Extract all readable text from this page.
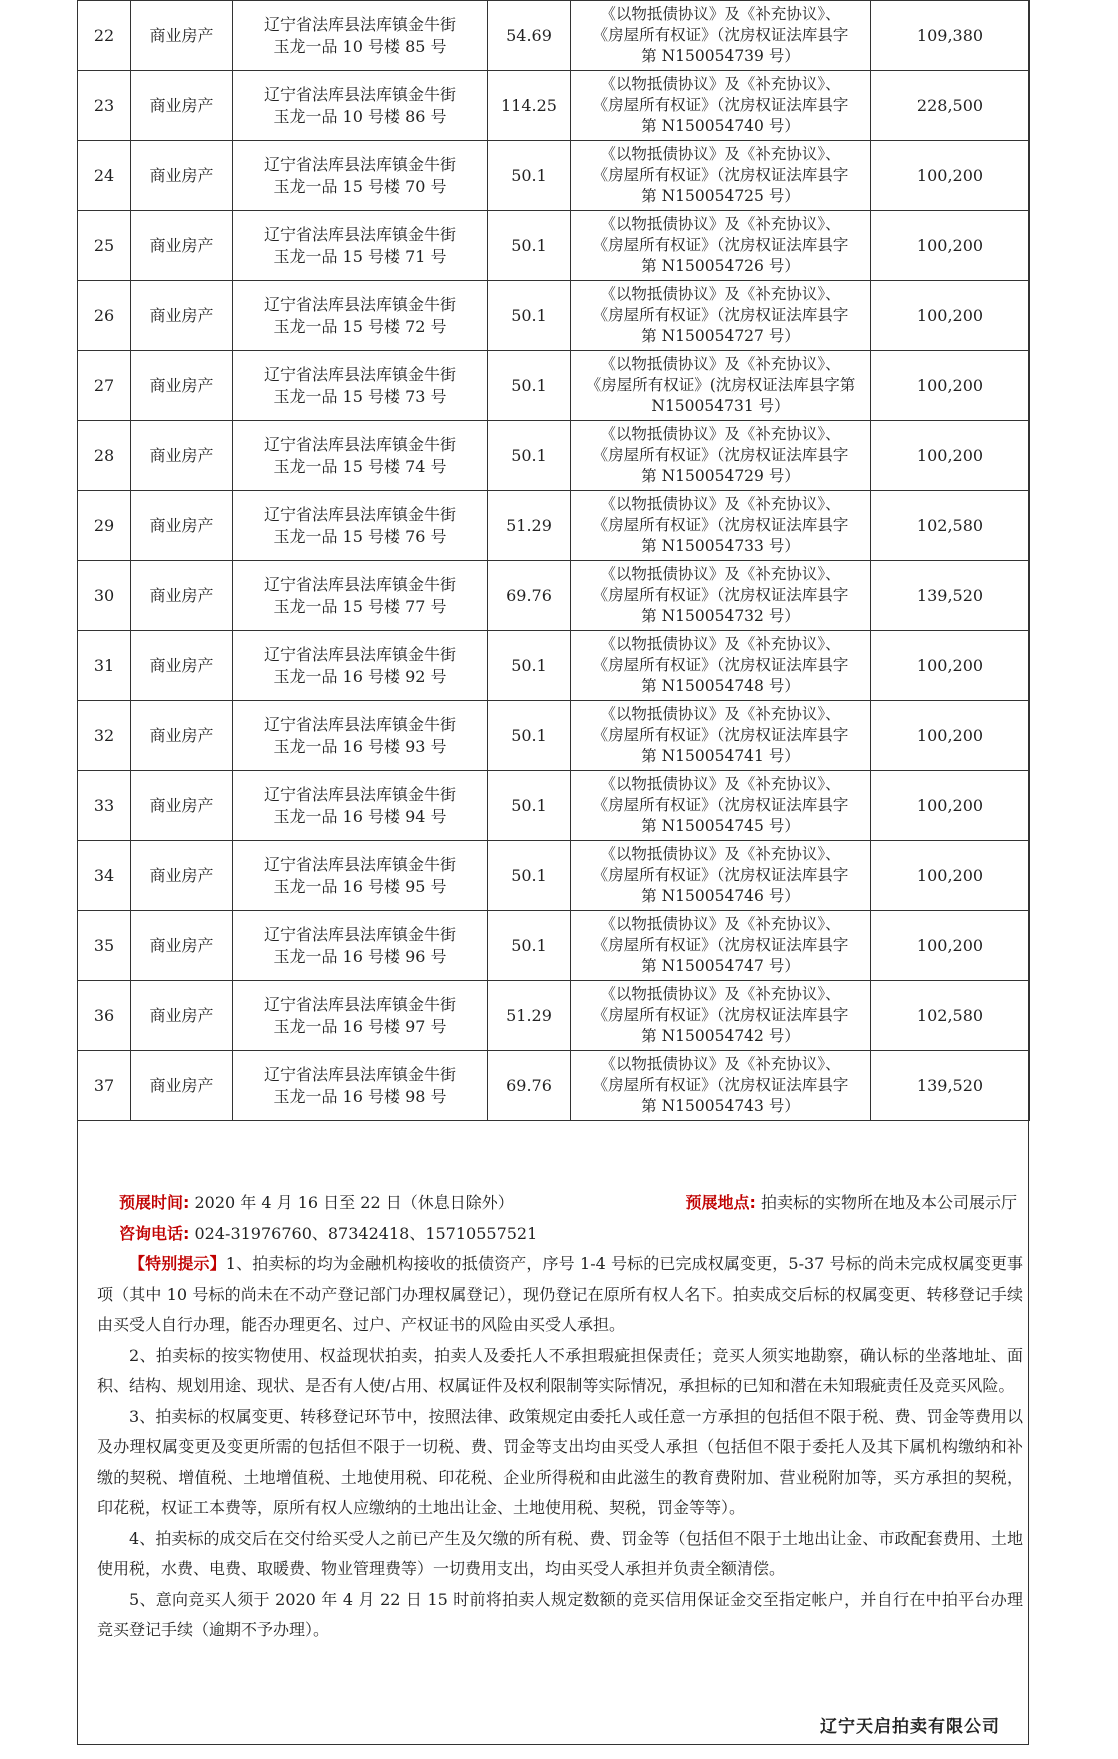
22	商业房产	辽宁省法库县法库镇金牛街
玉龙一品 10 号楼 85 号	54.69	《以物抵债协议》及《补充协议》、
《房屋所有权证》（沈房权证法库县字
第 N150054739 号）	109,380
23	商业房产	辽宁省法库县法库镇金牛街
玉龙一品 10 号楼 86 号	114.25	《以物抵债协议》及《补充协议》、
《房屋所有权证》（沈房权证法库县字
第 N150054740 号）	228,500
24	商业房产	辽宁省法库县法库镇金牛街
玉龙一品 15 号楼 70 号	50.1	《以物抵债协议》及《补充协议》、
《房屋所有权证》（沈房权证法库县字
第 N150054725 号）	100,200
25	商业房产	辽宁省法库县法库镇金牛街
玉龙一品 15 号楼 71 号	50.1	《以物抵债协议》及《补充协议》、
《房屋所有权证》（沈房权证法库县字
第 N150054726 号）	100,200
26	商业房产	辽宁省法库县法库镇金牛街
玉龙一品 15 号楼 72 号	50.1	《以物抵债协议》及《补充协议》、
《房屋所有权证》（沈房权证法库县字
第 N150054727 号）	100,200
27	商业房产	辽宁省法库县法库镇金牛街
玉龙一品 15 号楼 73 号	50.1	《以物抵债协议》及《补充协议》、
《房屋所有权证》(沈房权证法库县字第
N150054731 号）	100,200
28	商业房产	辽宁省法库县法库镇金牛街
玉龙一品 15 号楼 74 号	50.1	《以物抵债协议》及《补充协议》、
《房屋所有权证》（沈房权证法库县字
第 N150054729 号）	100,200
29	商业房产	辽宁省法库县法库镇金牛街
玉龙一品 15 号楼 76 号	51.29	《以物抵债协议》及《补充协议》、
《房屋所有权证》（沈房权证法库县字
第 N150054733 号）	102,580
30	商业房产	辽宁省法库县法库镇金牛街
玉龙一品 15 号楼 77 号	69.76	《以物抵债协议》及《补充协议》、
《房屋所有权证》（沈房权证法库县字
第 N150054732 号）	139,520
31	商业房产	辽宁省法库县法库镇金牛街
玉龙一品 16 号楼 92 号	50.1	《以物抵债协议》及《补充协议》、
《房屋所有权证》（沈房权证法库县字
第 N150054748 号）	100,200
32	商业房产	辽宁省法库县法库镇金牛街
玉龙一品 16 号楼 93 号	50.1	《以物抵债协议》及《补充协议》、
《房屋所有权证》（沈房权证法库县字
第 N150054741 号）	100,200
33	商业房产	辽宁省法库县法库镇金牛街
玉龙一品 16 号楼 94 号	50.1	《以物抵债协议》及《补充协议》、
《房屋所有权证》（沈房权证法库县字
第 N150054745 号）	100,200
34	商业房产	辽宁省法库县法库镇金牛街
玉龙一品 16 号楼 95 号	50.1	《以物抵债协议》及《补充协议》、
《房屋所有权证》（沈房权证法库县字
第 N150054746 号）	100,200
35	商业房产	辽宁省法库县法库镇金牛街
玉龙一品 16 号楼 96 号	50.1	《以物抵债协议》及《补充协议》、
《房屋所有权证》（沈房权证法库县字
第 N150054747 号）	100,200
36	商业房产	辽宁省法库县法库镇金牛街
玉龙一品 16 号楼 97 号	51.29	《以物抵债协议》及《补充协议》、
《房屋所有权证》（沈房权证法库县字
第 N150054742 号）	102,580
37	商业房产	辽宁省法库县法库镇金牛街
玉龙一品 16 号楼 98 号	69.76	《以物抵债协议》及《补充协议》、
《房屋所有权证》（沈房权证法库县字
第 N150054743 号）	139,520
预展时间: 2020 年 4 月 16 日至 22 日（休息日除外）	预展地点: 拍卖标的实物所在地及本公司展示厅
咨询电话: 024-31976760、87342418、15710557521

【特别提示】1、拍卖标的均为金融机构接收的抵债资产，序号 1-4 号标的已完成权属变更，5-37 号标的尚未完成权属变更事项（其中 10 号标的尚未在不动产登记部门办理权属登记），现仍登记在原所有权人名下。拍卖成交后标的权属变更、转移登记手续由买受人自行办理，能否办理更名、过户、产权证书的风险由买受人承担。

2、拍卖标的按实物使用、权益现状拍卖，拍卖人及委托人不承担瑕疵担保责任；竞买人须实地勘察，确认标的坐落地址、面积、结构、规划用途、现状、是否有人使/占用、权属证件及权利限制等实际情况，承担标的已知和潜在未知瑕疵责任及竞买风险。

3、拍卖标的权属变更、转移登记环节中，按照法律、政策规定由委托人或任意一方承担的包括但不限于税、费、罚金等费用以及办理权属变更及变更所需的包括但不限于一切税、费、罚金等支出均由买受人承担（包括但不限于委托人及其下属机构缴纳和补缴的契税、增值税、土地增值税、土地使用税、印花税、企业所得税和由此滋生的教育费附加、营业税附加等，买方承担的契税，印花税，权证工本费等，原所有权人应缴纳的土地出让金、土地使用税、契税，罚金等等）。

4、拍卖标的成交后在交付给买受人之前已产生及欠缴的所有税、费、罚金等（包括但不限于土地出让金、市政配套费用、土地使用税，水费、电费、取暖费、物业管理费等）一切费用支出，均由买受人承担并负责全额清偿。

5、意向竞买人须于 2020 年 4 月 22 日 15 时前将拍卖人规定数额的竞买信用保证金交至指定帐户，并自行在中拍平台办理竞买登记手续（逾期不予办理）。

辽宁天启拍卖有限公司
